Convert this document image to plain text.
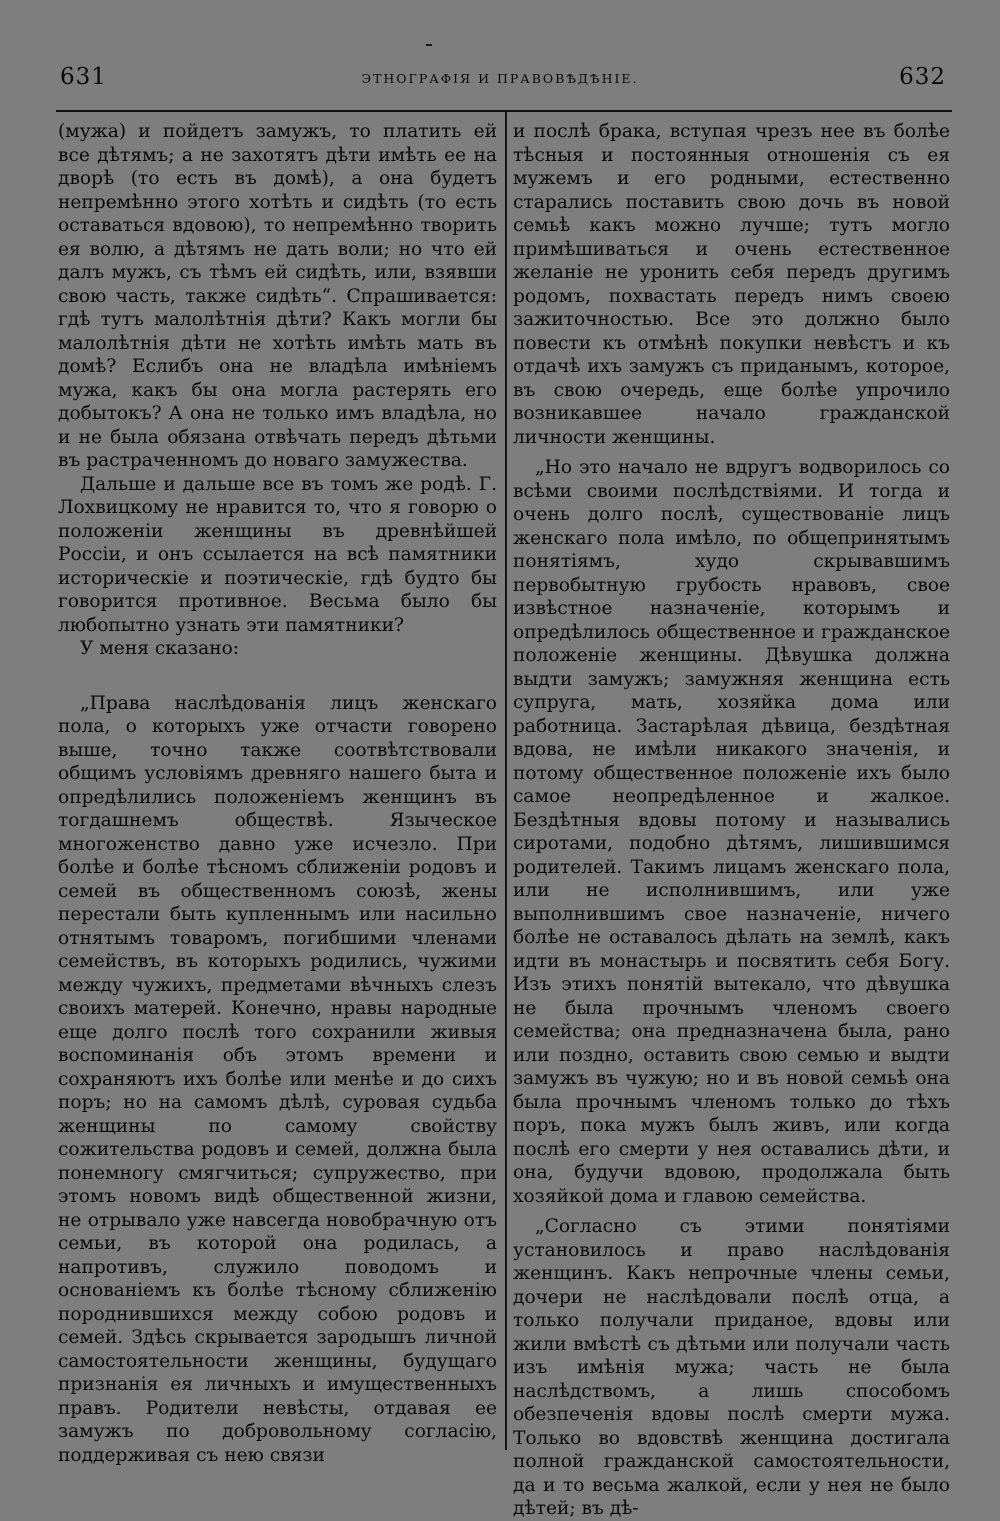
631	ЭТНОГРАФІЯ И ПРАВОВѢДѢНІЕ.	632

(мужа) и пойдетъ замужъ, то платить ей все дѣтямъ; а не захотятъ дѣти имѣть ее на дворѣ (то есть въ домѣ), а она будетъ непремѣнно этого хотѣть и сидѣть (то есть оставаться вдовою), то непремѣнно творить ея волю, а дѣтямъ не дать воли; но что ей далъ мужъ, съ тѣмъ ей сидѣть, или, взявши свою часть, также сидѣть“. Спрашивается: гдѣ тутъ малолѣтнія дѣти? Какъ могли бы малолѣтнія дѣти не хотѣть имѣть мать въ домѣ? Еслибъ она не владѣла имѣніемъ мужа, какъ бы она могла растерять его добытокъ? А она не только имъ владѣла, но и не была обязана отвѣчать передъ дѣтьми въ растраченномъ до новаго замужества.

Дальше и дальше все въ томъ же родѣ. Г. Лохвицкому не нравится то, что я говорю о положеніи женщины въ древнѣйшей Россіи, и онъ ссылается на всѣ памятники историческіе и поэтическіе, гдѣ будто бы говорится противное. Весьма было бы любопытно узнать эти памятники?

У меня сказано:

„Права наслѣдованія лицъ женскаго пола, о которыхъ уже отчасти говорено выше, точно также соотвѣтствовали общимъ условіямъ древняго нашего быта и опредѣлились положеніемъ женщинъ въ тогдашнемъ обществѣ. Языческое многоженство давно уже исчезло. При болѣе и болѣе тѣсномъ сближеніи родовъ и семей въ общественномъ союзѣ, жены перестали быть купленнымъ или насильно отнятымъ товаромъ, погибшими членами семействъ, въ которыхъ родились, чужими между чужихъ, предметами вѣчныхъ слезъ своихъ матерей. Конечно, нравы народные еще долго послѣ того сохранили живыя воспоминанія объ этомъ времени и сохраняютъ ихъ болѣе или менѣе и до сихъ поръ; но на самомъ дѣлѣ, суровая судьба женщины по самому свойству сожительства родовъ и семей, должна была понемногу смягчиться; супружество, при этомъ новомъ видѣ общественной жизни, не отрывало уже навсегда новобрачную отъ семьи, въ которой она родилась, а напротивъ, служило поводомъ и основаніемъ къ болѣе тѣсному сближенію породнившихся между собою родовъ и семей. Здѣсь скрывается зародышъ личной самостоятельности женщины, будущаго признанія ея личныхъ и имущественныхъ правъ. Родители невѣсты, отдавая ее замужъ по добровольному согласію, поддерживая съ нею связи

и послѣ брака, вступая чрезъ нее въ болѣе тѣсныя и постоянныя отношенія съ ея мужемъ и его родными, естественно старались поставить свою дочь въ новой семьѣ какъ можно лучше; тутъ могло примѣшиваться и очень естественное желаніе не уронить себя передъ другимъ родомъ, похвастать передъ нимъ своею зажиточностью. Все это должно было повести къ отмѣнѣ покупки невѣстъ и къ отдачѣ ихъ замужъ съ приданымъ, которое, въ свою очередь, еще болѣе упрочило возникавшее начало гражданской личности женщины.

„Но это начало не вдругъ водворилось со всѣми своими послѣдствіями. И тогда и очень долго послѣ, существованіе лицъ женскаго пола имѣло, по общепринятымъ понятіямъ, худо скрывавшимъ первобытную грубость нравовъ, свое извѣстное назначеніе, которымъ и опредѣлилось общественное и гражданское положеніе женщины. Дѣвушка должна выдти замужъ; замужняя женщина есть супруга, мать, хозяйка дома или работница. Застарѣлая дѣвица, бездѣтная вдова, не имѣли никакого значенія, и потому общественное положеніе ихъ было самое неопредѣленное и жалкое. Бездѣтныя вдовы потому и назывались сиротами, подобно дѣтямъ, лишившимся родителей. Такимъ лицамъ женскаго пола, или не исполнившимъ, или уже выполнившимъ свое назначеніе, ничего болѣе не оставалось дѣлать на землѣ, какъ идти въ монастырь и посвятить себя Богу. Изъ этихъ понятій вытекало, что дѣвушка не была прочнымъ членомъ своего семейства; она предназначена была, рано или поздно, оставить свою семью и выдти замужъ въ чужую; но и въ новой семьѣ она была прочнымъ членомъ только до тѣхъ поръ, пока мужъ былъ живъ, или когда послѣ его смерти у нея оставались дѣти, и она, будучи вдовою, продолжала быть хозяйкой дома и главою семейства.

„Согласно съ этими понятіями установилось и право наслѣдованія женщинъ. Какъ непрочные члены семьи, дочери не наслѣдовали послѣ отца, а только получали приданое, вдовы или жили вмѣстѣ съ дѣтьми или получали часть изъ имѣнія мужа; часть не была наслѣдствомъ, а лишь способомъ обезпеченія вдовы послѣ смерти мужа. Только во вдовствѣ женщина достигала полной гражданской самостоятельности, да и то весьма жалкой, если у нея не было дѣтей; въ дѣ-
